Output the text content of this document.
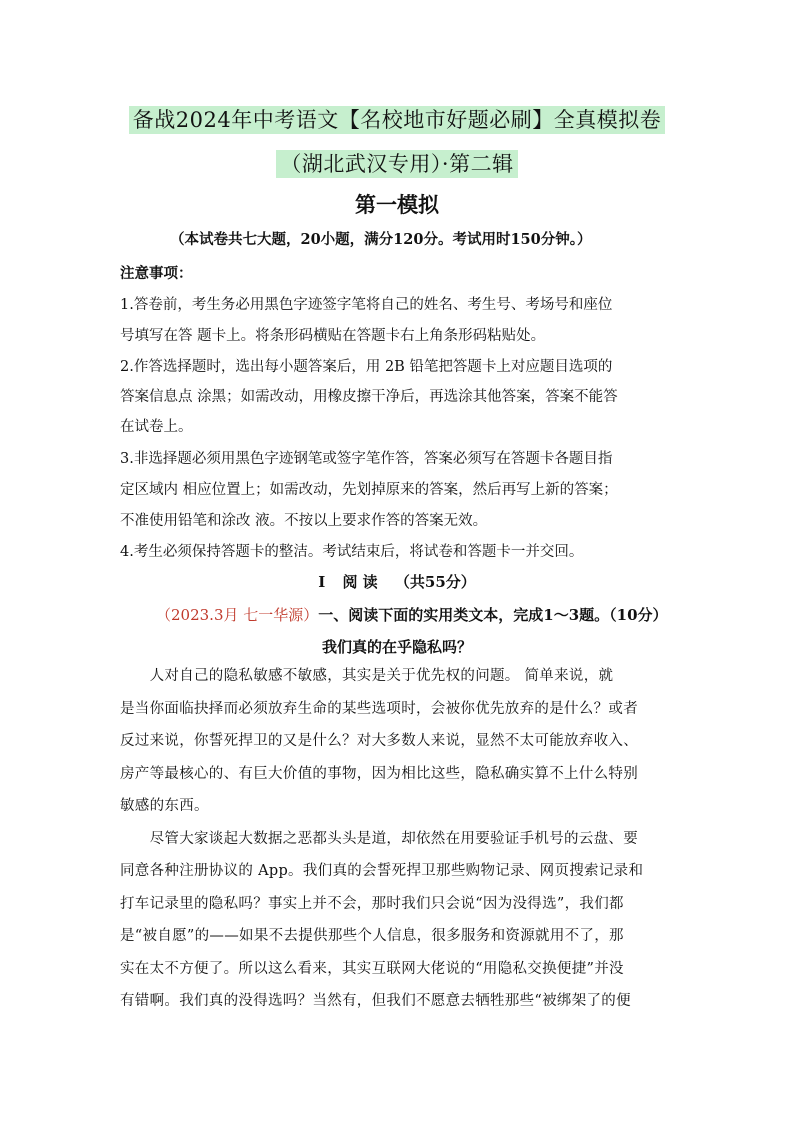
备战2024年中考语文【名校地市好题必刷】全真模拟卷
（湖北武汉专用）·第二辑
第一模拟
（本试卷共七大题，20小题，满分120分。考试用时150分钟。）
注意事项：
1.答卷前，考生务必用黑色字迹签字笔将自己的姓名、考生号、考场号和座位
号填写在答 题卡上。将条形码横贴在答题卡右上角条形码粘贴处。
2.作答选择题时，选出每小题答案后，用 2B 铅笔把答题卡上对应题目选项的
答案信息点 涂黑；如需改动，用橡皮擦干净后，再选涂其他答案，答案不能答
在试卷上。
3.非选择题必须用黑色字迹钢笔或签字笔作答，答案必须写在答题卡各题目指
定区域内 相应位置上；如需改动，先划掉原来的答案，然后再写上新的答案；
不准使用铅笔和涂改 液。不按以上要求作答的答案无效。
4.考生必须保持答题卡的整洁。考试结束后，将试卷和答题卡一并交回。
I 阅 读 （共55分）
（2023.3月 七一华源）一、阅读下面的实用类文本，完成1～3题。（10分）
我们真的在乎隐私吗？
　　人对自己的隐私敏感不敏感，其实是关于优先权的问题。 简单来说，就
是当你面临抉择而必须放弃生命的某些选项时，会被你优先放弃的是什么？或者
反过来说，你誓死捍卫的又是什么？对大多数人来说，显然不太可能放弃收入、
房产等最核心的、有巨大价值的事物，因为相比这些，隐私确实算不上什么特别
敏感的东西。
　　尽管大家谈起大数据之恶都头头是道，却依然在用要验证手机号的云盘、要
同意各种注册协议的 App。我们真的会誓死捍卫那些购物记录、网页搜索记录和
打车记录里的隐私吗？事实上并不会，那时我们只会说“因为没得选”，我们都
是“被自愿”的——如果不去提供那些个人信息，很多服务和资源就用不了，那
实在太不方便了。所以这么看来，其实互联网大佬说的“用隐私交换便捷”并没
有错啊。我们真的没得选吗？当然有，但我们不愿意去牺牲那些“被绑架了的便
